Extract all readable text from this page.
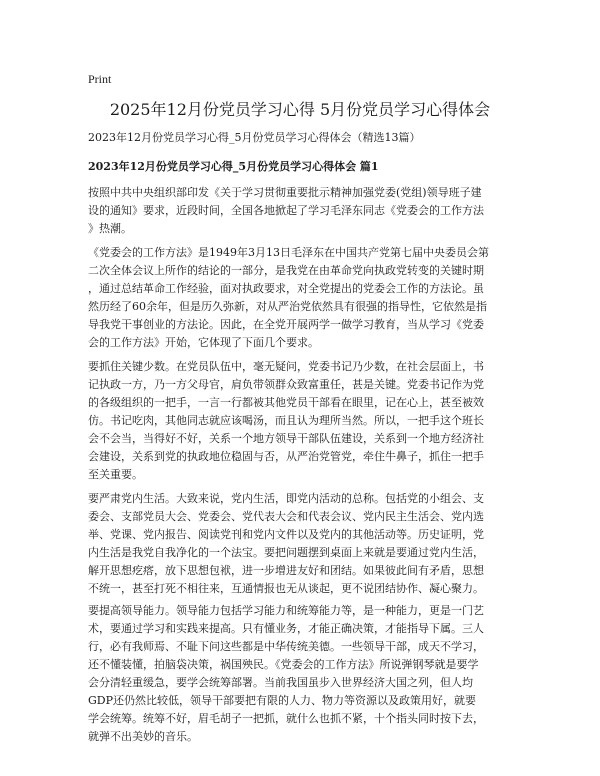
Print
2025年12月份党员学习心得 5月份党员学习心得体会
2023年12月份党员学习心得_5月份党员学习心得体会（精选13篇）
2023年12月份党员学习心得_5月份党员学习心得体会 篇1
按照中共中央组织部印发《关于学习贯彻重要批示精神加强党委(党组)领导班子建
设的通知》要求，近段时间，全国各地掀起了学习毛泽东同志《党委会的工作方法
》热潮。
《党委会的工作方法》是1949年3月13日毛泽东在中国共产党第七届中央委员会第
二次全体会议上所作的结论的一部分，是我党在由革命党向执政党转变的关键时期
，通过总结革命工作经验，面对执政要求，对全党提出的党委会工作的方法论。虽
然历经了60余年，但是历久弥新，对从严治党依然具有很强的指导性，它依然是指
导我党干事创业的方法论。因此，在全党开展两学一做学习教育，当从学习《党委
会的工作方法》开始，它体现了下面几个要求。
要抓住关键少数。在党员队伍中，毫无疑问，党委书记乃少数，在社会层面上，书
记执政一方，乃一方父母官，肩负带领群众致富重任，甚是关键。党委书记作为党
的各级组织的一把手，一言一行都被其他党员干部看在眼里，记在心上，甚至被效
仿。书记吃肉，其他同志就应该喝汤，而且认为理所当然。所以，一把手这个班长
会不会当，当得好不好，关系一个地方领导干部队伍建设，关系到一个地方经济社
会建设，关系到党的执政地位稳固与否，从严治党管党，牵住牛鼻子，抓住一把手
至关重要。
要严肃党内生活。大致来说，党内生活，即党内活动的总称。包括党的小组会、支
委会、支部党员大会、党委会、党代表大会和代表会议、党内民主生活会、党内选
举、党课、党内报告、阅读党刊和党内文件以及党内的其他活动等。历史证明，党
内生活是我党自我净化的一个法宝。要把问题摆到桌面上来就是要通过党内生活，
解开思想疙瘩，放下思想包袱，进一步增进友好和团结。如果彼此间有矛盾，思想
不统一，甚至打死不相往来，互通情报也无从谈起，更不说团结协作、凝心聚力。
要提高领导能力。领导能力包括学习能力和统筹能力等，是一种能力，更是一门艺
术，要通过学习和实践来提高。只有懂业务，才能正确决策，才能指导下属。三人
行，必有我师焉、不耻下问这些都是中华传统美德。一些领导干部，成天不学习，
还不懂装懂，拍脑袋决策，祸国殃民。《党委会的工作方法》所说弹钢琴就是要学
会分清轻重缓急，要学会统筹部署。当前我国虽步入世界经济大国之列，但人均
GDP还仍然比较低，领导干部要把有限的人力、物力等资源以及政策用好，就要
学会统筹。统筹不好，眉毛胡子一把抓，就什么也抓不紧，十个指头同时按下去，
就弹不出美妙的音乐。
